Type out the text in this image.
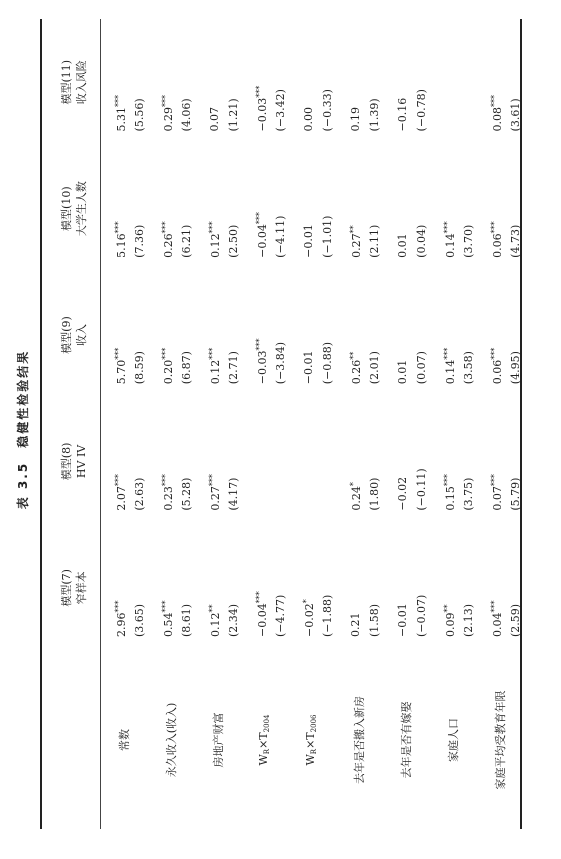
表 3.5　稳健性检验结果

	模型(7) 窄样本	模型(8) HV IV	模型(9) 收入	模型(10) 大学生人数	模型(11) 收入风险

常数	2.96***	2.07***	5.70***	5.16***	5.31***
	(3.65)	(2.63)	(8.59)	(7.36)	(5.56)
永久收入(收入)	0.54***	0.23***	0.20***	0.26***	0.29***
	(8.61)	(5.28)	(6.87)	(6.21)	(4.06)
房地产财富	0.12**	0.27***	0.12***	0.12***	0.07
	(2.34)	(4.17)	(2.71)	(2.50)	(1.21)
$W_R\times T_{2004}$	−0.04***		−0.03***	−0.04***	−0.03***
	(−4.77)		(−3.84)	(−4.11)	(−3.42)
$W_R\times T_{2006}$	−0.02*		−0.01	−0.01	0.00
	(−1.88)		(−0.88)	(−1.01)	(−0.33)
去年是否搬入新房	0.21	0.24*	0.26**	0.27**	0.19
	(1.58)	(1.80)	(2.01)	(2.11)	(1.39)
去年是否有嫁娶	−0.01	−0.02	0.01	0.01	−0.16
	(−0.07)	(−0.11)	(0.07)	(0.04)	(−0.78)
家庭人口	0.09**	0.15***	0.14***	0.14***	
	(2.13)	(3.75)	(3.58)	(3.70)	
家庭平均受教育年限	0.04***	0.07***	0.06***	0.06***	0.08***
	(2.59)	(5.79)	(4.95)	(4.73)	(3.61)
